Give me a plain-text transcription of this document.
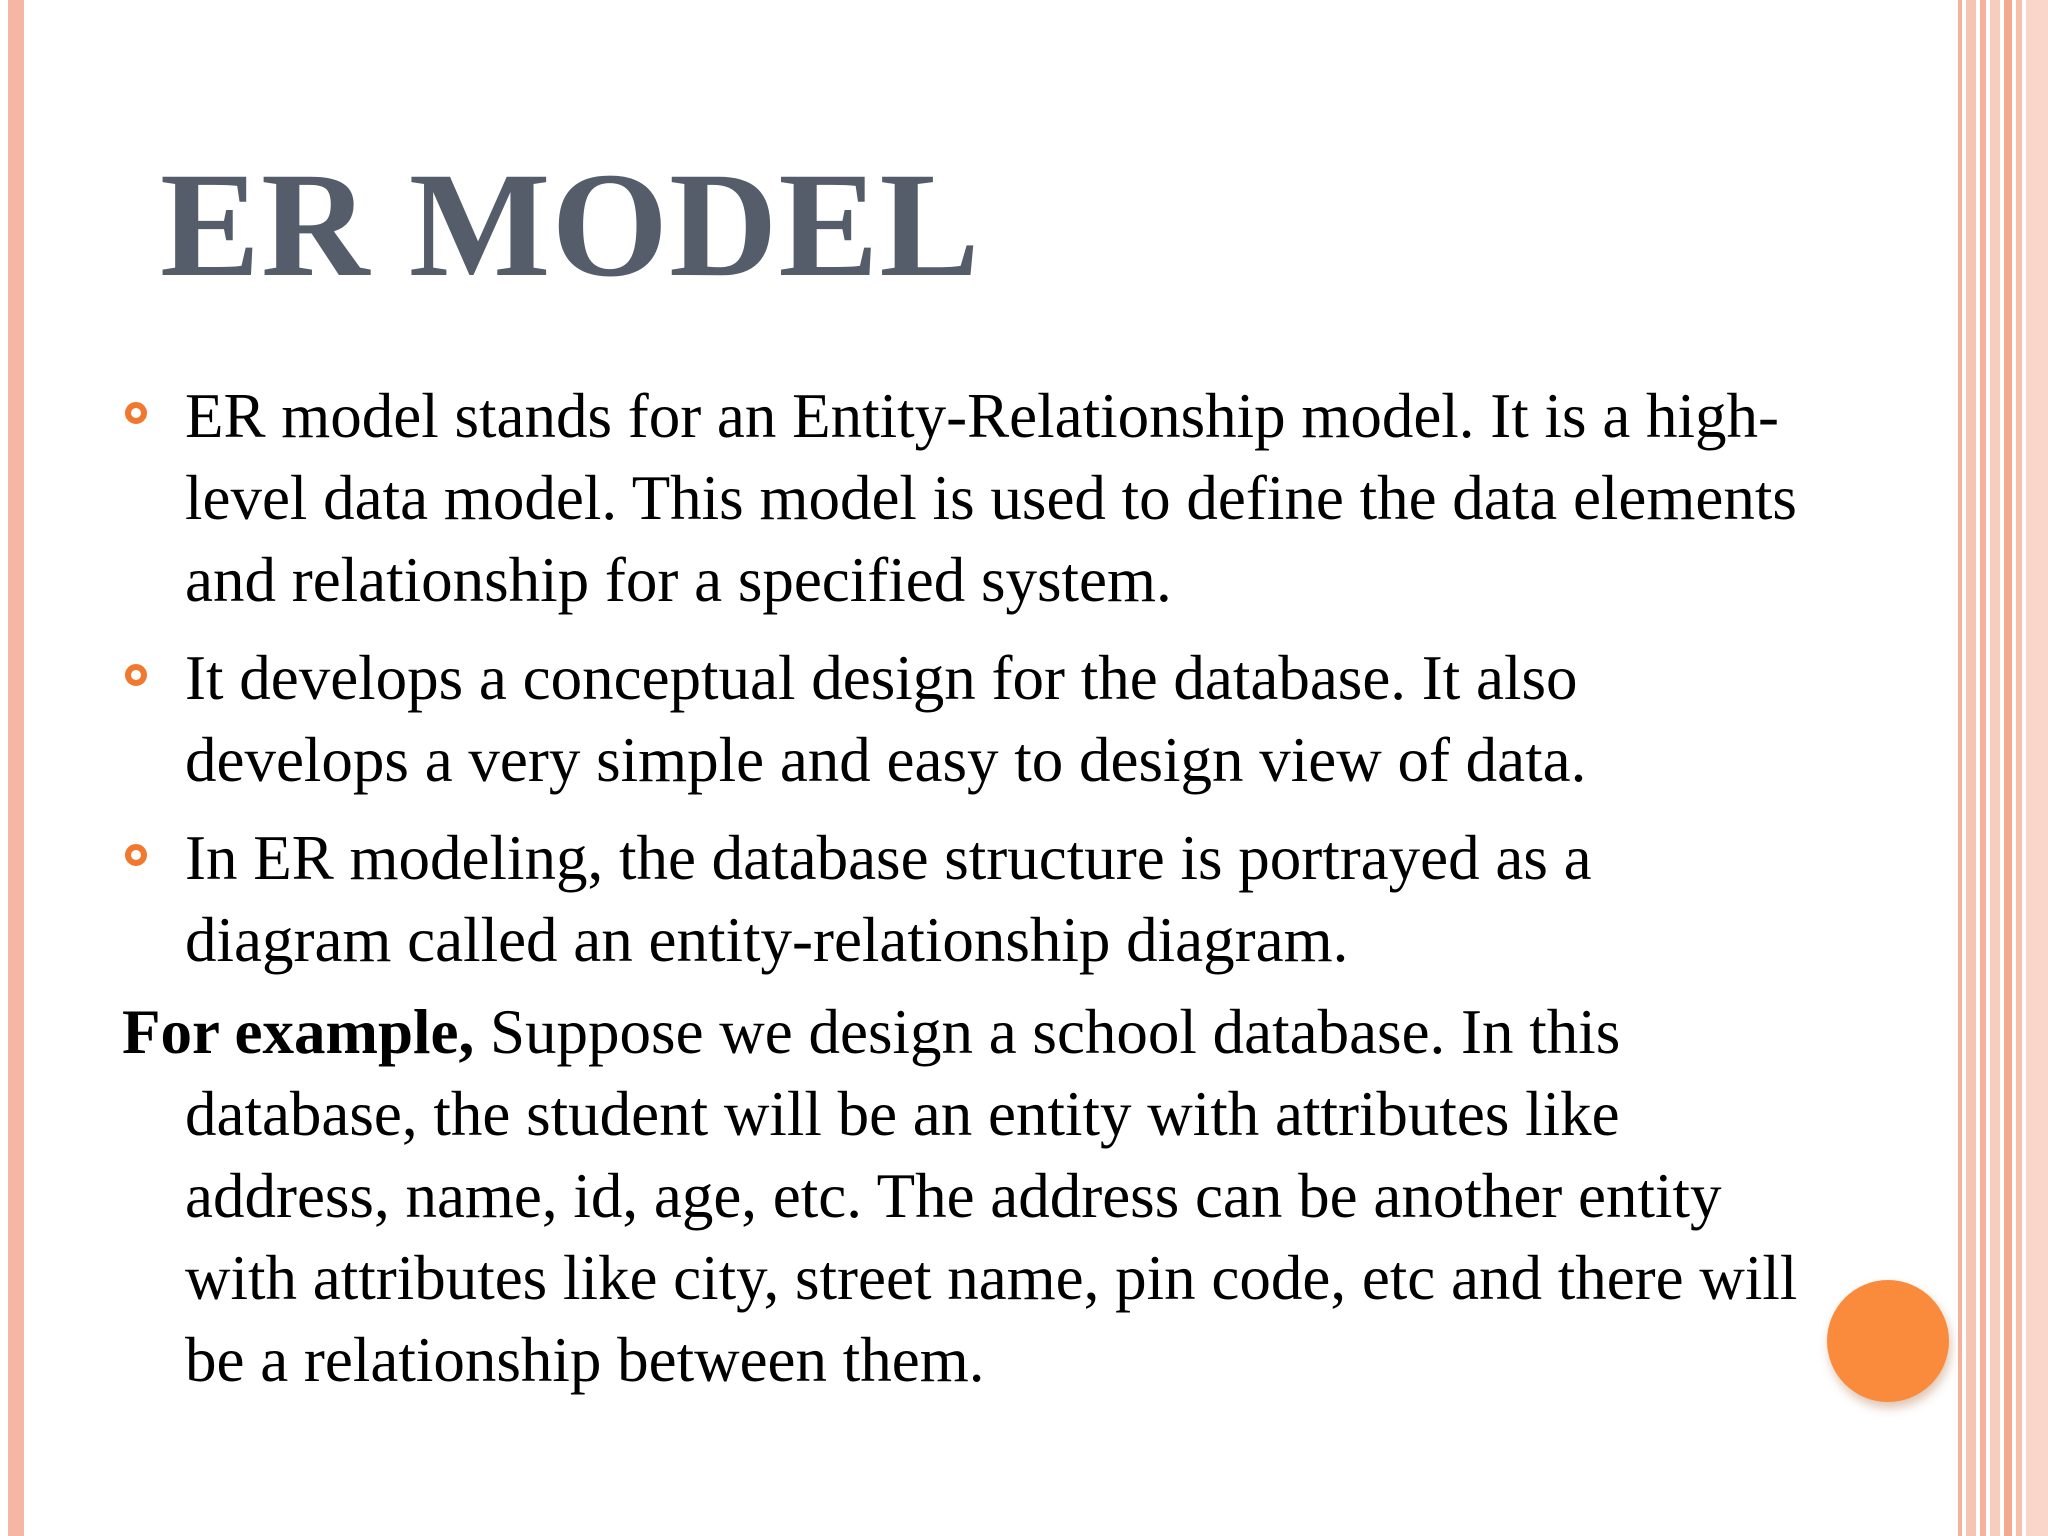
ER MODEL
ER model stands for an Entity-Relationship model. It is a high-level data model. This model is used to define the data elements and relationship for a specified system.
It develops a conceptual design for the database. It also develops a very simple and easy to design view of data.
In ER modeling, the database structure is portrayed as a diagram called an entity-relationship diagram.
For example, Suppose we design a school database. In this database, the student will be an entity with attributes like address, name, id, age, etc. The address can be another entity with attributes like city, street name, pin code, etc and there will be a relationship between them.
